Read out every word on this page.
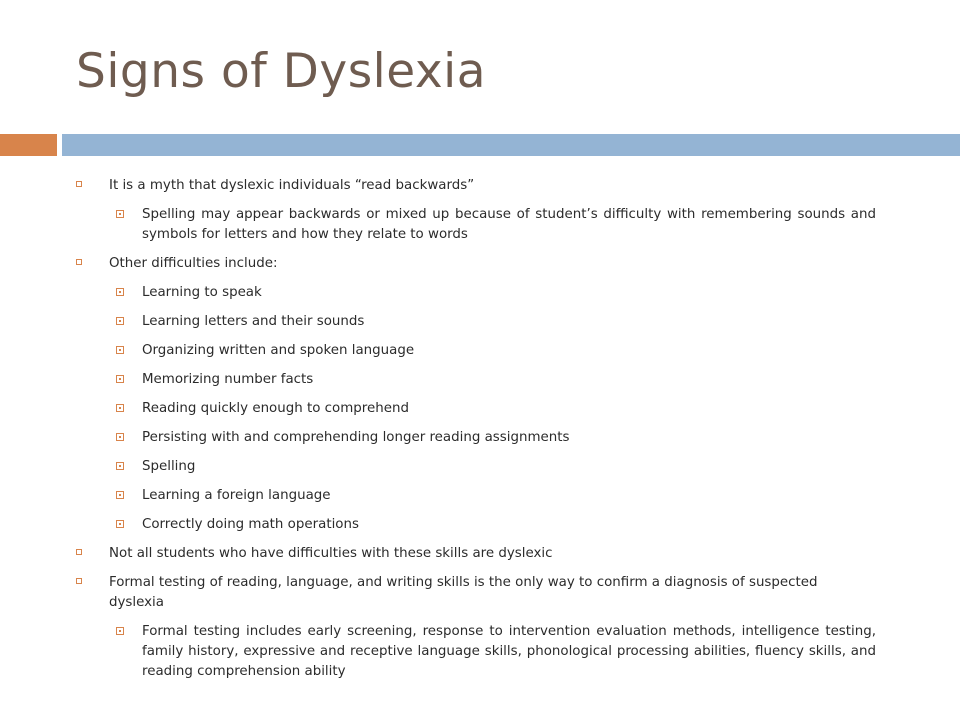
Signs of Dyslexia
It is a myth that dyslexic individuals “read backwards”
Spelling may appear backwards or mixed up because of student’s difficulty with remembering sounds and symbols for letters and how they relate to words
Other difficulties include:
Learning to speak
Learning letters and their sounds
Organizing written and spoken language
Memorizing number facts
Reading quickly enough to comprehend
Persisting with and comprehending longer reading assignments
Spelling
Learning a foreign language
Correctly doing math operations
Not all students who have difficulties with these skills are dyslexic
Formal testing of reading, language, and writing skills is the only way to confirm a diagnosis of suspected dyslexia
Formal testing includes early screening, response to intervention evaluation methods, intelligence testing, family history, expressive and receptive language skills, phonological processing abilities, fluency skills, and reading comprehension ability
